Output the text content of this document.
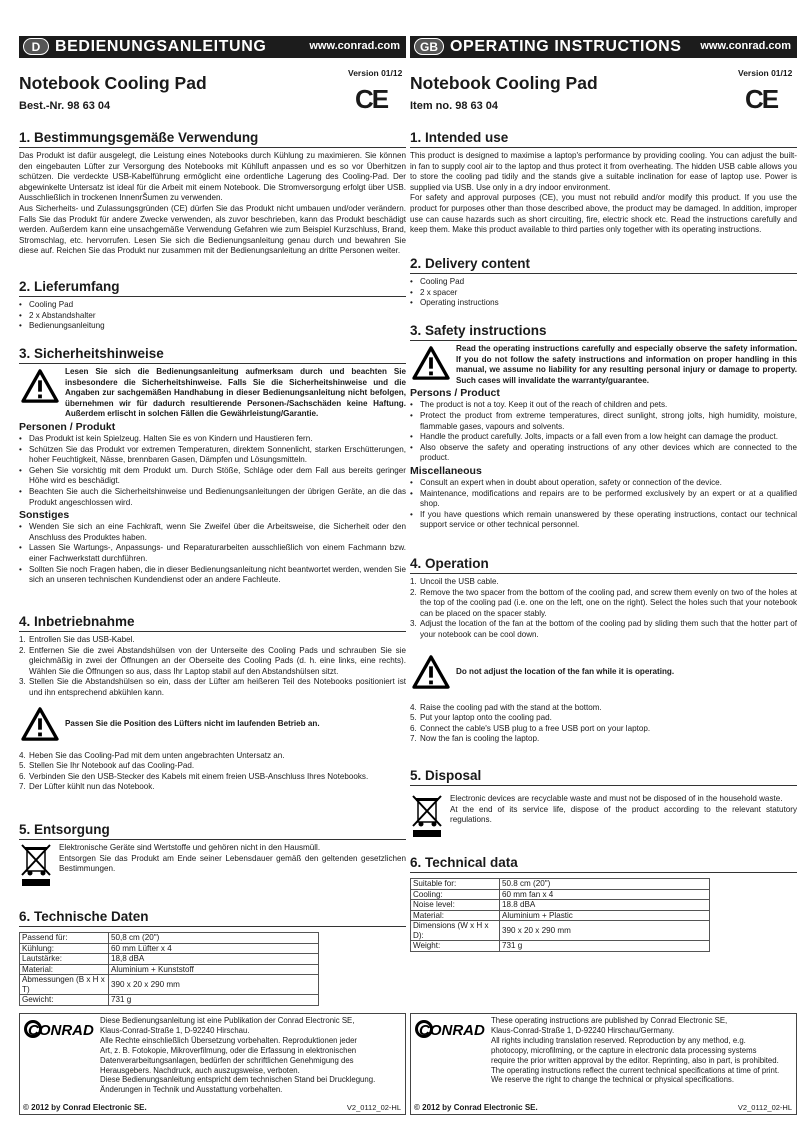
D BEDIENUNGSANLEITUNG	www.conrad.com
Version 01/12
Notebook Cooling Pad
Best.-Nr. 98 63 04	CE
1. Bestimmungsgemäße Verwendung

Das Produkt ist dafür ausgelegt, die Leistung eines Notebooks durch Kühlung zu maximieren. Sie können den eingebauten Lüfter zur Versorgung des Notebooks mit Kühlluft anpassen und es so vor Überhitzen schützen. Die verdeckte USB-Kabelführung ermöglicht eine ordentliche Lagerung des Cooling-Pad. Der abgewinkelte Untersatz ist ideal für die Arbeit mit einem Notebook. Die Stromversorgung erfolgt über USB. Ausschließlich in trockenen InnenrŠumen zu verwenden.

Aus Sicherheits- und Zulassungsgründen (CE) dürfen Sie das Produkt nicht umbauen und/oder verändern. Falls Sie das Produkt für andere Zwecke verwenden, als zuvor beschrieben, kann das Produkt beschädigt werden. Außerdem kann eine unsachgemäße Verwendung Gefahren wie zum Beispiel Kurzschluss, Brand, Stromschlag, etc. hervorrufen. Lesen Sie sich die Bedienungsanleitung genau durch und bewahren Sie diese auf. Reichen Sie das Produkt nur zusammen mit der Bedienungsanleitung an dritte Personen weiter.

2. Lieferumfang
• Cooling Pad
• 2 x Abstandshalter
• Bedienungsanleitung
3. Sicherheitshinweise
Lesen Sie sich die Bedienungsanleitung aufmerksam durch und beachten Sie insbesondere die Sicherheitshinweise. Falls Sie die Sicherheitshinweise und die Angaben zur sachgemäßen Handhabung in dieser Bedienungsanleitung nicht befolgen, übernehmen wir für dadurch resultierende Personen-/Sachschäden keine Haftung. Außerdem erlischt in solchen Fällen die Gewährleistung/Garantie.
Personen / Produkt
• Das Produkt ist kein Spielzeug. Halten Sie es von Kindern und Haustieren fern.
• Schützen Sie das Produkt vor extremen Temperaturen, direktem Sonnenlicht, starken Erschütterungen, hoher Feuchtigkeit, Nässe, brennbaren Gasen, Dämpfen und Lösungsmitteln.
• Gehen Sie vorsichtig mit dem Produkt um. Durch Stöße, Schläge oder dem Fall aus bereits geringer Höhe wird es beschädigt.
• Beachten Sie auch die Sicherheitshinweise und Bedienungsanleitungen der übrigen Geräte, an die das Produkt angeschlossen wird.
Sonstiges
• Wenden Sie sich an eine Fachkraft, wenn Sie Zweifel über die Arbeitsweise, die Sicherheit oder den Anschluss des Produktes haben.
• Lassen Sie Wartungs-, Anpassungs- und Reparaturarbeiten ausschließlich von einem Fachmann bzw. einer Fachwerkstatt durchführen.
• Sollten Sie noch Fragen haben, die in dieser Bedienungsanleitung nicht beantwortet werden, wenden Sie sich an unseren technischen Kundendienst oder an andere Fachleute.
4. Inbetriebnahme
1. Entrollen Sie das USB-Kabel.
2. Entfernen Sie die zwei Abstandshülsen von der Unterseite des Cooling Pads und schrauben Sie sie gleichmäßig in zwei der Öffnungen an der Oberseite des Cooling Pads (d. h. eine links, eine rechts). Wählen Sie die Öffnungen so aus, dass Ihr Laptop stabil auf den Abstandshülsen sitzt.
3. Stellen Sie die Abstandshülsen so ein, dass der Lüfter am heißeren Teil des Notebooks positioniert ist und ihn entsprechend abkühlen kann.
Passen Sie die Position des Lüfters nicht im laufenden Betrieb an.
4. Heben Sie das Cooling-Pad mit dem unten angebrachten Untersatz an.
5. Stellen Sie Ihr Notebook auf das Cooling-Pad.
6. Verbinden Sie den USB-Stecker des Kabels mit einem freien USB-Anschluss Ihres Notebooks.
7. Der Lüfter kühlt nun das Notebook.
5. Entsorgung

Elektronische Geräte sind Wertstoffe und gehören nicht in den Hausmüll.

Entsorgen Sie das Produkt am Ende seiner Lebensdauer gemäß den geltenden gesetzlichen Bestimmungen.

6. Technische Daten
Passend für:	50,8 cm (20")
Kühlung:	60 mm Lüfter x 4
Lautstärke:	18,8 dBA
Material:	Aluminium + Kunststoff
Abmessungen (B x H x T)	390 x 20 x 290 mm
Gewicht:	731 g
CONRAD
Diese Bedienungsanleitung ist eine Publikation der Conrad Electronic SE,
Klaus-Conrad-Straße 1, D-92240 Hirschau.
Alle Rechte einschließlich Übersetzung vorbehalten. Reproduktionen jeder
Art, z. B. Fotokopie, Mikroverfilmung, oder die Erfassung in elektronischen
Datenverarbeitungsanlagen, bedürfen der schriftlichen Genehmigung des
Herausgebers. Nachdruck, auch auszugsweise, verboten.
Diese Bedienungsanleitung entspricht dem technischen Stand bei Drucklegung.
Änderungen in Technik und Ausstattung vorbehalten.
© 2012 by Conrad Electronic SE.	V2_0112_02-HL
GB OPERATING INSTRUCTIONS www.conrad.com
Version 01/12
Notebook Cooling Pad
Item no. 98 63 04	CE
1. Intended use

This product is designed to maximise a laptop's performance by providing cooling. You can adjust the built-in fan to supply cool air to the laptop and thus protect it from overheating. The hidden USB cable allows you to store the cooling pad tidily and the stands give a suitable inclination for ease of laptop use. Power is supplied via USB. Use only in a dry indoor environment.

For safety and approval purposes (CE), you must not rebuild and/or modify this product. If you use the product for purposes other than those described above, the product may be damaged. In addition, improper use can cause hazards such as short circuiting, fire, electric shock etc. Read the instructions carefully and keep them. Make this product available to third parties only together with its operating instructions.

2. Delivery content
• Cooling Pad
• 2 x spacer
• Operating instructions
3. Safety instructions
Read the operating instructions carefully and especially observe the safety information. If you do not follow the safety instructions and information on proper handling in this manual, we assume no liability for any resulting personal injury or damage to property. Such cases will invalidate the warranty/guarantee.
Persons / Product
• The product is not a toy. Keep it out of the reach of children and pets.
• Protect the product from extreme temperatures, direct sunlight, strong jolts, high humidity, moisture, flammable gases, vapours and solvents.
• Handle the product carefully. Jolts, impacts or a fall even from a low height can damage the product.
• Also observe the safety and operating instructions of any other devices which are connected to the product.
Miscellaneous
• Consult an expert when in doubt about operation, safety or connection of the device.
• Maintenance, modifications and repairs are to be performed exclusively by an expert or at a qualified shop.
• If you have questions which remain unanswered by these operating instructions, contact our technical support service or other technical personnel.
4. Operation
1. Uncoil the USB cable.
2. Remove the two spacer from the bottom of the cooling pad, and screw them evenly on two of the holes at the top of the cooling pad (i.e. one on the left, one on the right). Select the holes such that your notebook can be placed on the spacer stably.
3. Adjust the location of the fan at the bottom of the cooling pad by sliding them such that the hotter part of your notebook can be cool down.
Do not adjust the location of the fan while it is operating.
4. Raise the cooling pad with the stand at the bottom.
5. Put your laptop onto the cooling pad.
6. Connect the cable's USB plug to a free USB port on your laptop.
7. Now the fan is cooling the laptop.
5. Disposal

Electronic devices are recyclable waste and must not be disposed of in the household waste.

At the end of its service life, dispose of the product according to the relevant statutory regulations.

6. Technical data
Suitable for:	50.8 cm (20")
Cooling:	60 mm fan x 4
Noise level:	18.8 dBA
Material:	Aluminium + Plastic
Dimensions (W x H x D):	390 x 20 x 290 mm
Weight:	731 g
CONRAD
These operating instructions are published by Conrad Electronic SE,
Klaus-Conrad-Straße 1, D-92240 Hirschau/Germany.
All rights including translation reserved. Reproduction by any method, e.g.
photocopy, microfilming, or the capture in electronic data processing systems
require the prior written approval by the editor. Reprinting, also in part, is prohibited.
The operating instructions reflect the current technical specifications at time of print.
We reserve the right to change the technical or physical specifications.
© 2012 by Conrad Electronic SE.	V2_0112_02-HL
